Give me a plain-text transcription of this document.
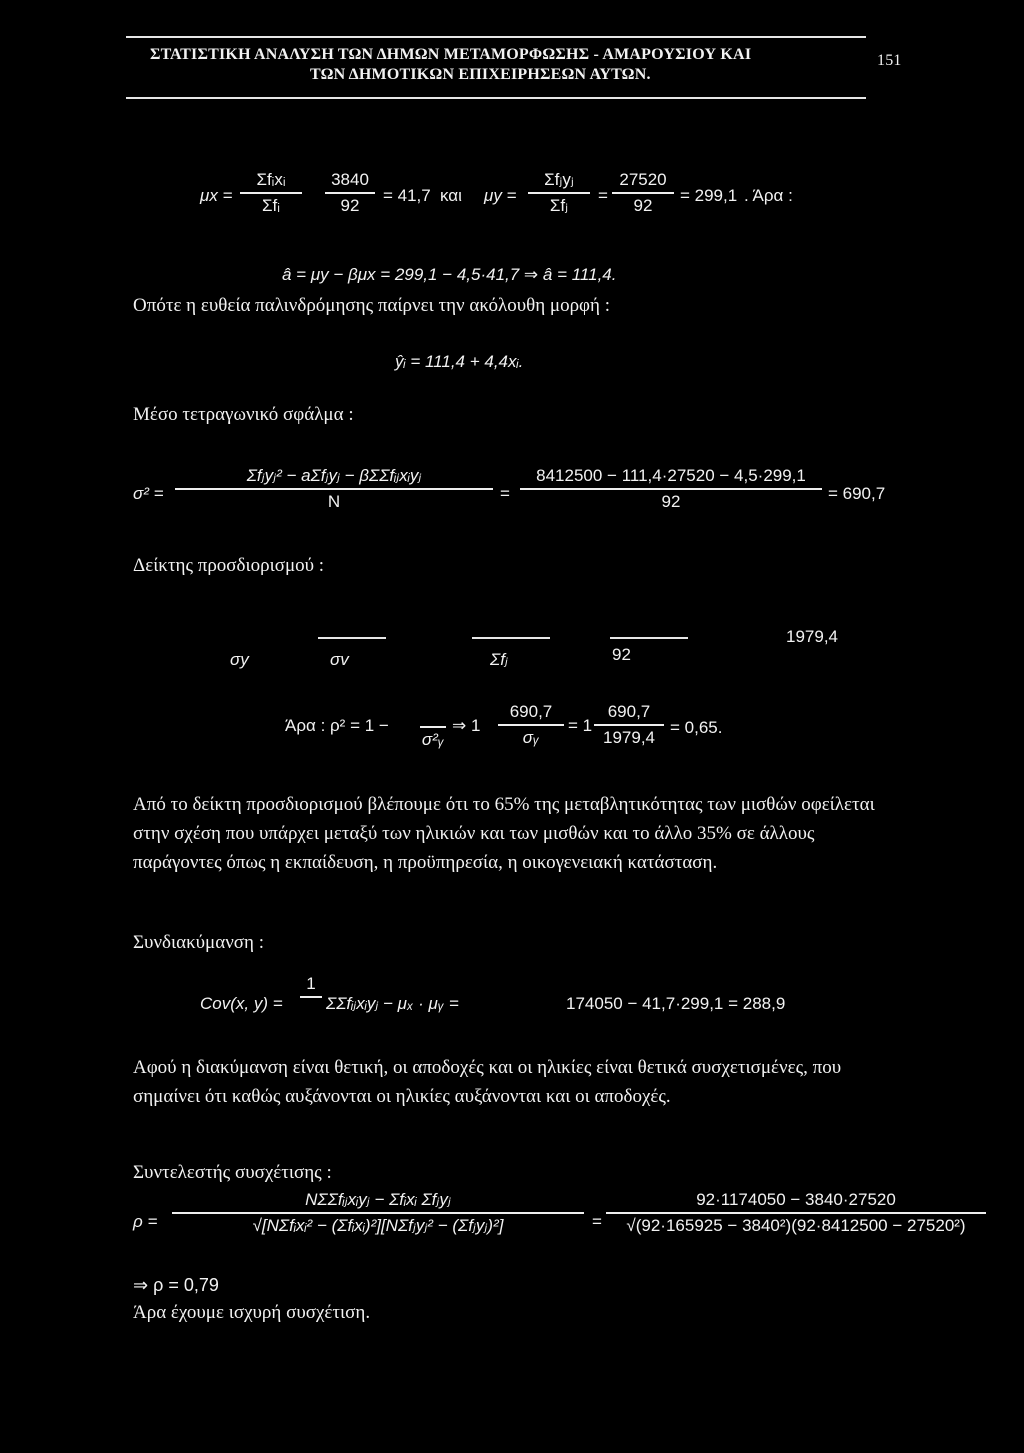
ΣΤΑΤΙΣΤΙΚΗ ΑΝΑΛΥΣΗ ΤΩΝ ΔΗΜΩΝ ΜΕΤΑΜΟΡΦΩΣΗΣ - ΑΜΑΡΟΥΣΙΟΥ ΚΑΙ
ΤΩΝ ΔΗΜΟΤΙΚΩΝ ΕΠΙΧΕΙΡΗΣΕΩΝ ΑΥΤΩΝ.
151
μx =
Σfᵢxᵢ
Σfᵢ
3840
92	= 41,7 και μy =
Σfⱼyⱼ
Σfⱼ	=
27520
92	= 299,1 . Άρα :
â = μy − βμx = 299,1 − 4,5·41,7 ⇒ â = 111,4.
Οπότε η ευθεία παλινδρόμησης παίρνει την ακόλουθη μορφή :
ŷᵢ = 111,4 + 4,4xᵢ.
Μέσο τετραγωνικό σφάλμα :
σ² =
Σfⱼyⱼ² − aΣfⱼyⱼ − βΣΣfᵢⱼxᵢyⱼ
N	=
8412500 − 111,4·27520 − 4,5·299,1
92	= 690,7
Δείκτης προσδιορισμού :
σy	σv	Σfⱼ	92
1979,4
Άρα : ρ² = 1 −

σ²ᵧ
⇒ 1
690,7
σᵧ
= 1
690,7
1979,4 = 0,65.
Από το δείκτη προσδιορισμού βλέπουμε ότι το 65% της μεταβλητικότητας των μισθών οφείλεται στην σχέση που υπάρχει μεταξύ των ηλικιών και των μισθών και το άλλο 35% σε άλλους παράγοντες όπως η εκπαίδευση, η προϋπηρεσία, η οικογενειακή κατάσταση.
Συνδιακύμανση :
Cov(x, y) =
1

ΣΣfᵢⱼxᵢyⱼ − μₓ · μᵧ =	174050 − 41,7·299,1 = 288,9
Αφού η διακύμανση είναι θετική, οι αποδοχές και οι ηλικίες είναι θετικά συσχετισμένες, που σημαίνει ότι καθώς αυξάνονται οι ηλικίες αυξάνονται και οι αποδοχές.
Συντελεστής συσχέτισης :
ρ =
NΣΣfᵢⱼxᵢyⱼ − Σfᵢxᵢ Σfⱼyⱼ
√[NΣfᵢxᵢ² − (Σfᵢxᵢ)²][NΣfⱼyⱼ² − (Σfⱼyⱼ)²]	=
92·1174050 − 3840·27520
√(92·165925 − 3840²)(92·8412500 − 27520²)
⇒ ρ = 0,79
Άρα έχουμε ισχυρή συσχέτιση.
